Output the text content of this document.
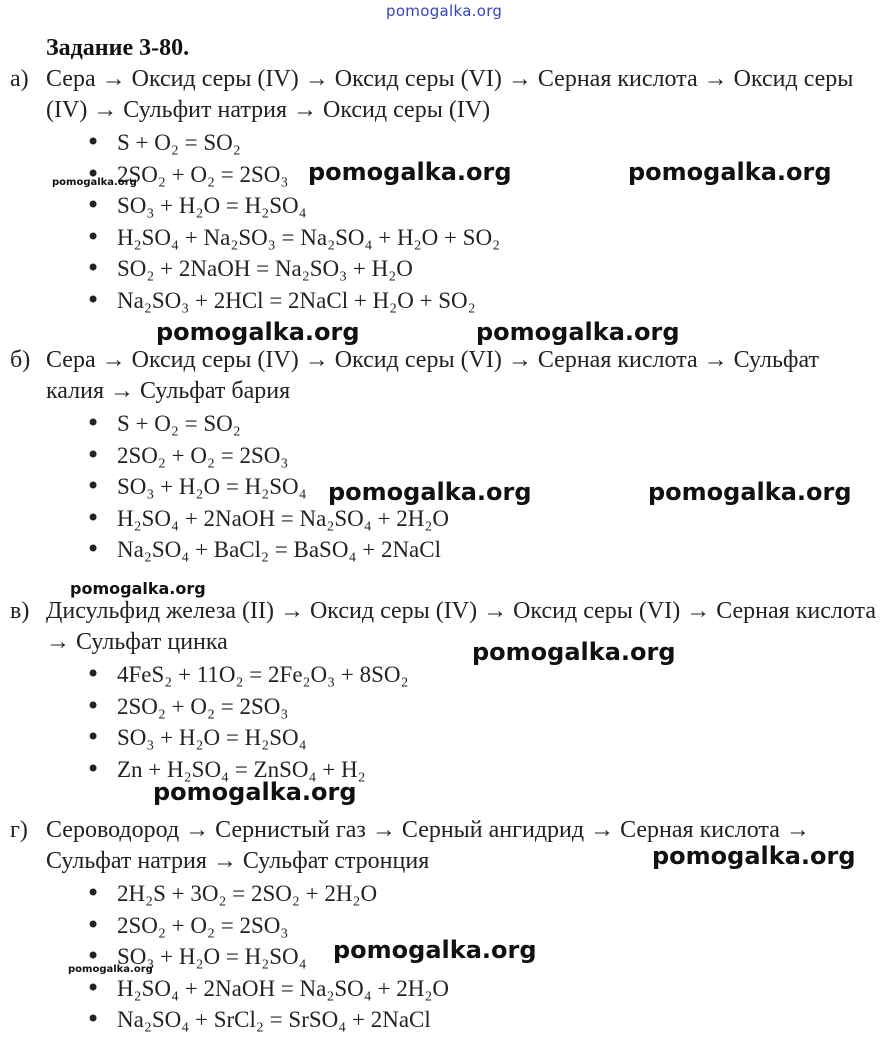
pomogalka.org
Задание 3-80.
а) Сера → Оксид серы (IV) → Оксид серы (VI) → Серная кислота → Оксид серы (IV) → Сульфит натрия → Оксид серы (IV)
• S + O₂ = SO₂
• 2SO₂ + O₂ = 2SO₃
• SO₃ + H₂O = H₂SO₄
• H₂SO₄ + Na₂SO₃ = Na₂SO₄ + H₂O + SO₂
• SO₂ + 2NaOH = Na₂SO₃ + H₂O
• Na₂SO₃ + 2HCl = 2NaCl + H₂O + SO₂
б) Сера → Оксид серы (IV) → Оксид серы (VI) → Серная кислота → Сульфат калия → Сульфат бария
• S + O₂ = SO₂
• 2SO₂ + O₂ = 2SO₃
• SO₃ + H₂O = H₂SO₄
• H₂SO₄ + 2NaOH = Na₂SO₄ + 2H₂O
• Na₂SO₄ + BaCl₂ = BaSO₄ + 2NaCl
в) Дисульфид железа (II) → Оксид серы (IV) → Оксид серы (VI) → Серная кислота → Сульфат цинка
• 4FeS₂ + 11O₂ = 2Fe₂O₃ + 8SO₂
• 2SO₂ + O₂ = 2SO₃
• SO₃ + H₂O = H₂SO₄
• Zn + H₂SO₄ = ZnSO₄ + H₂
г) Сероводород → Сернистый газ → Серный ангидрид → Серная кислота → Сульфат натрия → Сульфат стронция
• 2H₂S + 3O₂ = 2SO₂ + 2H₂O
• 2SO₂ + O₂ = 2SO₃
• SO₃ + H₂O = H₂SO₄
• H₂SO₄ + 2NaOH = Na₂SO₄ + 2H₂O
• Na₂SO₄ + SrCl₂ = SrSO₄ + 2NaCl
pomogalka.org	pomogalka.org
pomogalka.org
pomogalka.org	pomogalka.org
pomogalka.org	pomogalka.org
pomogalka.org
pomogalka.org
pomogalka.org
pomogalka.org
pomogalka.org
pomogalka.org
